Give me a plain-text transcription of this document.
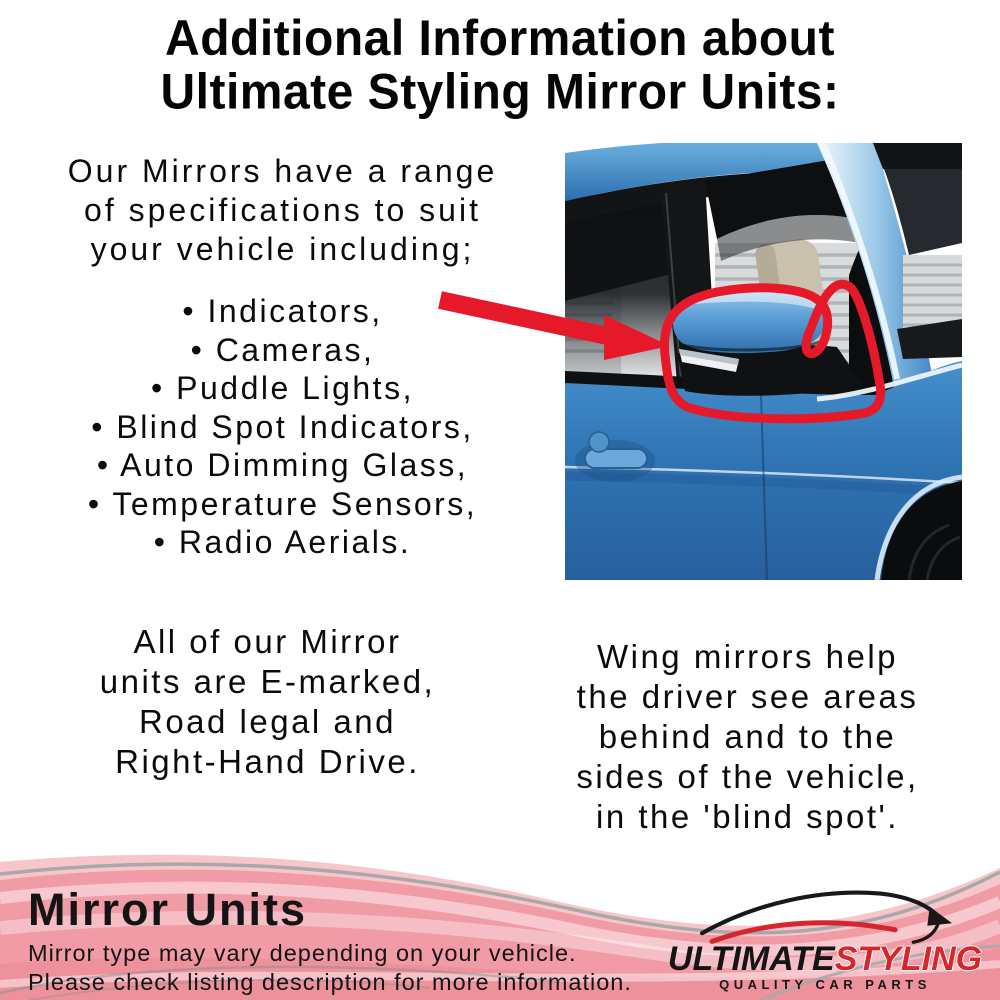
Additional Information about
Ultimate Styling Mirror Units:
Our Mirrors have a range
of specifications to suit
your vehicle including;
• Indicators,
• Cameras,
• Puddle Lights,
• Blind Spot Indicators,
• Auto Dimming Glass,
• Temperature Sensors,
• Radio Aerials.
All of our Mirror
units are E-marked,
Road legal and
Right-Hand Drive.
Wing mirrors help
the driver see areas
behind and to the
sides of the vehicle,
in the 'blind spot'.
Mirror Units
Mirror type may vary depending on your vehicle.
Please check listing description for more information.
ULTIMATESTYLING
QUALITY CAR PARTS
